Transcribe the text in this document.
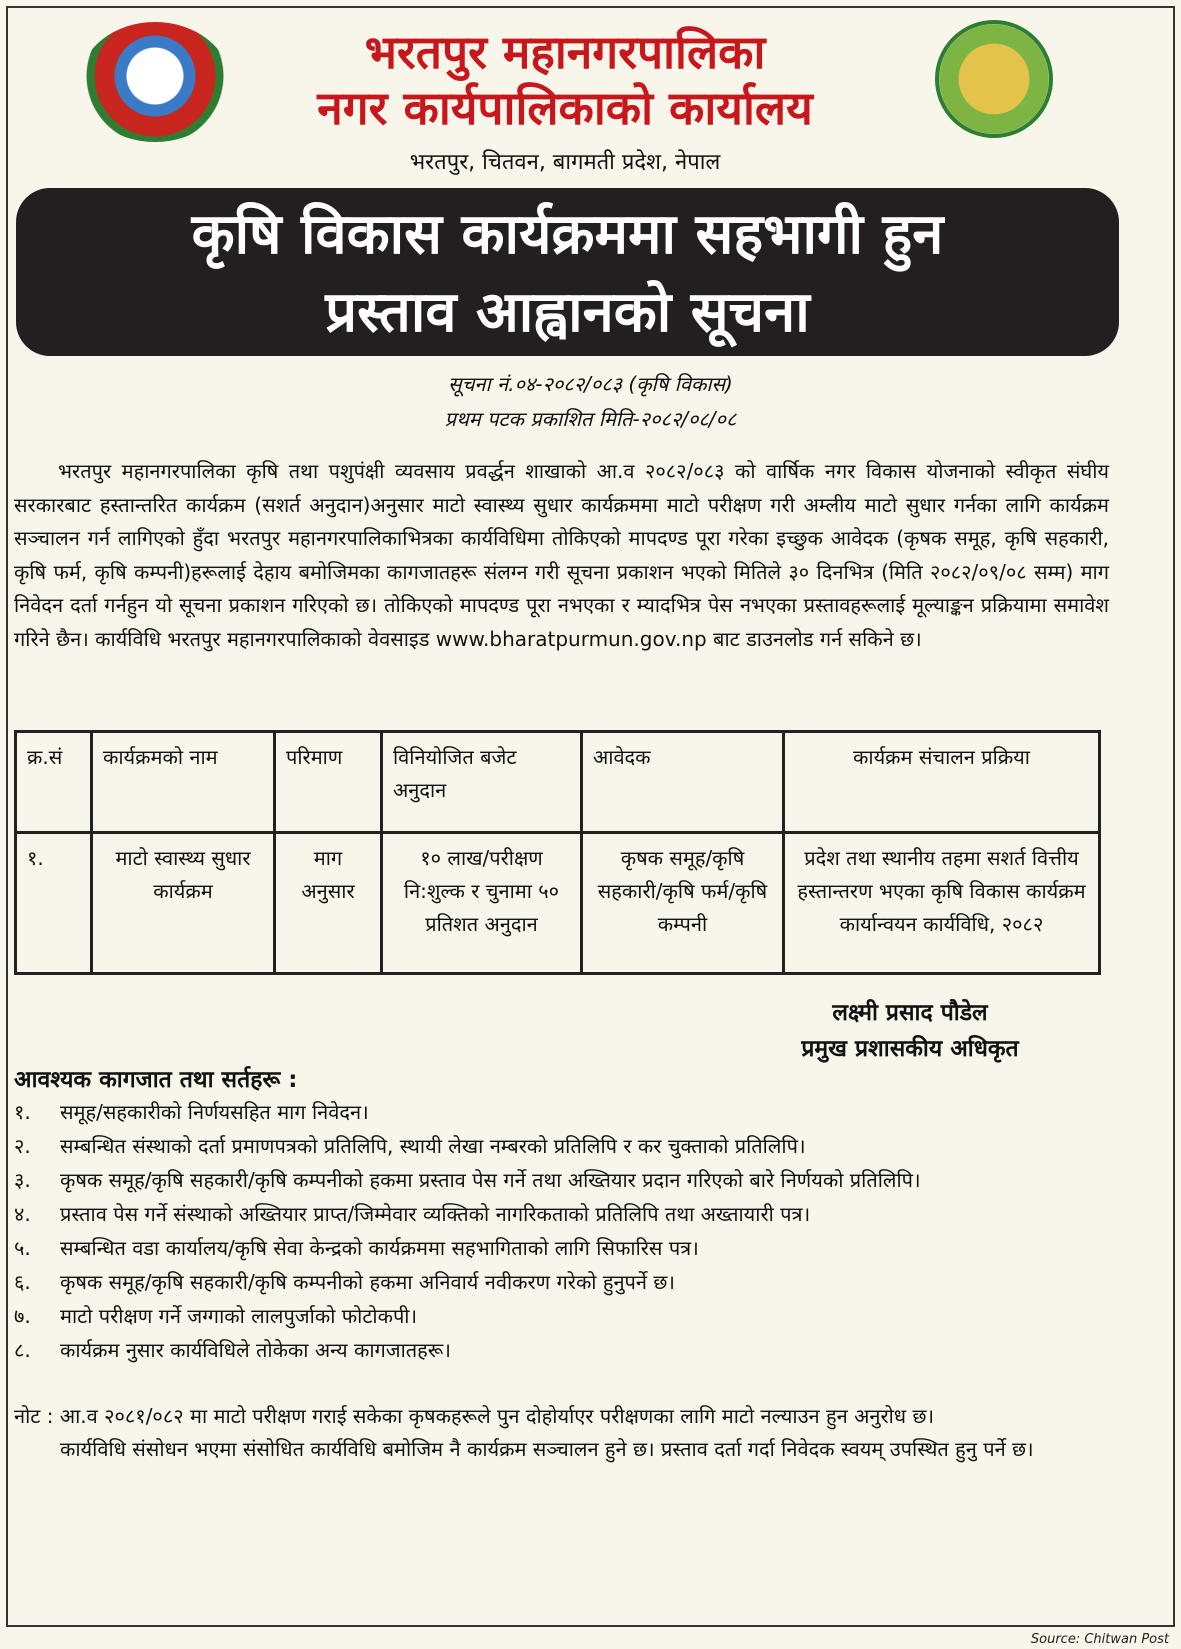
भरतपुर महानगरपालिका
नगर कार्यपालिकाको कार्यालय
भरतपुर, चितवन, बागमती प्रदेश, नेपाल
कृषि विकास कार्यक्रममा सहभागी हुन
प्रस्ताव आह्वानको सूचना
सूचना नं.०४-२०८२/०८३ (कृषि विकास)
प्रथम पटक प्रकाशित मिति-२०८२/०८/०८
भरतपुर महानगरपालिका कृषि तथा पशुपंक्षी व्यवसाय प्रवर्द्धन शाखाको आ.व २०८२/०८३ को वार्षिक नगर विकास योजनाको स्वीकृत संघीय सरकारबाट हस्तान्तरित कार्यक्रम (सशर्त अनुदान)अनुसार माटो स्वास्थ्य सुधार कार्यक्रममा माटो परीक्षण गरी अम्लीय माटो सुधार गर्नका लागि कार्यक्रम सञ्चालन गर्न लागिएको हुँदा भरतपुर महानगरपालिकाभित्रका कार्यविधिमा तोकिएको मापदण्ड पूरा गरेका इच्छुक आवेदक (कृषक समूह, कृषि सहकारी, कृषि फर्म, कृषि कम्पनी)हरूलाई देहाय बमोजिमका कागजातहरू संलग्न गरी सूचना प्रकाशन भएको मितिले ३० दिनभित्र (मिति २०८२/०९/०८ सम्म) माग निवेदन दर्ता गर्नहुन यो सूचना प्रकाशन गरिएको छ। तोकिएको मापदण्ड पूरा नभएका र म्यादभित्र पेस नभएका प्रस्तावहरूलाई मूल्याङ्कन प्रक्रियामा समावेश गरिने छैन। कार्यविधि भरतपुर महानगरपालिकाको वेवसाइड www.bharatpurmun.gov.np बाट डाउनलोड गर्न सकिने छ।
क्र.सं	कार्यक्रमको नाम	परिमाण	विनियोजित बजेट अनुदान	आवेदक	कार्यक्रम संचालन प्रक्रिया
१.	माटो स्वास्थ्य सुधार कार्यक्रम	माग अनुसार	१० लाख/परीक्षण नि:शुल्क र चुनामा ५० प्रतिशत अनुदान	कृषक समूह/कृषि सहकारी/कृषि फर्म/कृषि कम्पनी	प्रदेश तथा स्थानीय तहमा सशर्त वित्तीय हस्तान्तरण भएका कृषि विकास कार्यक्रम कार्यान्वयन कार्यविधि, २०८२
लक्ष्मी प्रसाद पौडेल
प्रमुख प्रशासकीय अधिकृत
आवश्यक कागजात तथा सर्तहरू :
१.	समूह/सहकारीको निर्णयसहित माग निवेदन।
२.	सम्बन्धित संस्थाको दर्ता प्रमाणपत्रको प्रतिलिपि, स्थायी लेखा नम्बरको प्रतिलिपि र कर चुक्ताको प्रतिलिपि।
३.	कृषक समूह/कृषि सहकारी/कृषि कम्पनीको हकमा प्रस्ताव पेस गर्ने तथा अख्तियार प्रदान गरिएको बारे निर्णयको प्रतिलिपि।
४.	प्रस्ताव पेस गर्ने संस्थाको अख्तियार प्राप्त/जिम्मेवार व्यक्तिको नागरिकताको प्रतिलिपि तथा अख्तायारी पत्र।
५.	सम्बन्धित वडा कार्यालय/कृषि सेवा केन्द्रको कार्यक्रममा सहभागिताको लागि सिफारिस पत्र।
६.	कृषक समूह/कृषि सहकारी/कृषि कम्पनीको हकमा अनिवार्य नवीकरण गरेको हुनुपर्ने छ।
७.	माटो परीक्षण गर्ने जग्गाको लालपुर्जाको फोटोकपी।
८.	कार्यक्रम नुसार कार्यविधिले तोकेका अन्य कागजातहरू।
नोट : आ.व २०८१/०८२ मा माटो परीक्षण गराई सकेका कृषकहरूले पुन दोहोर्याएर परीक्षणका लागि माटो नल्याउन हुन अनुरोध छ।
कार्यविधि संसोधन भएमा संसोधित कार्यविधि बमोजिम नै कार्यक्रम सञ्चालन हुने छ। प्रस्ताव दर्ता गर्दा निवेदक स्वयम् उपस्थित हुनु पर्ने छ।
Source: Chitwan Post
